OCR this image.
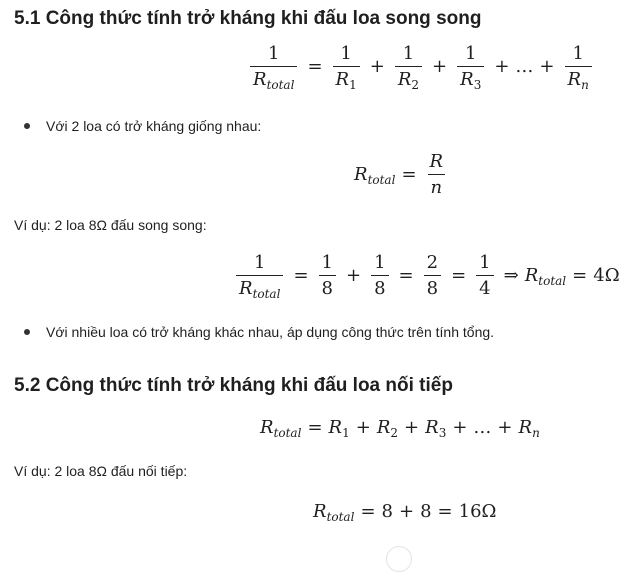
5.1 Công thức tính trở kháng khi đấu loa song song
$\frac{1}{R_{total}} = \frac{1}{R_1} + \frac{1}{R_2} + \frac{1}{R_3}$ + … + $\frac{1}{R_n}$
Với 2 loa có trở kháng giống nhau:
$R_{total} = \frac{R}{n}$
Ví dụ: 2 loa 8Ω đấu song song:
$\frac{1}{R_{total}} = \frac{1}{8} + \frac{1}{8} = \frac{2}{8} = \frac{1}{4}$ ⇒ $R_{total} = 4\Omega$
Với nhiều loa có trở kháng khác nhau, áp dụng công thức trên tính tổng.
5.2 Công thức tính trở kháng khi đấu loa nối tiếp
$R_{total} = R_1 + R_2 + R_3$ + … + $R_n$
Ví dụ: 2 loa 8Ω đấu nối tiếp:
$R_{total} = 8 + 8 = 16\Omega$
